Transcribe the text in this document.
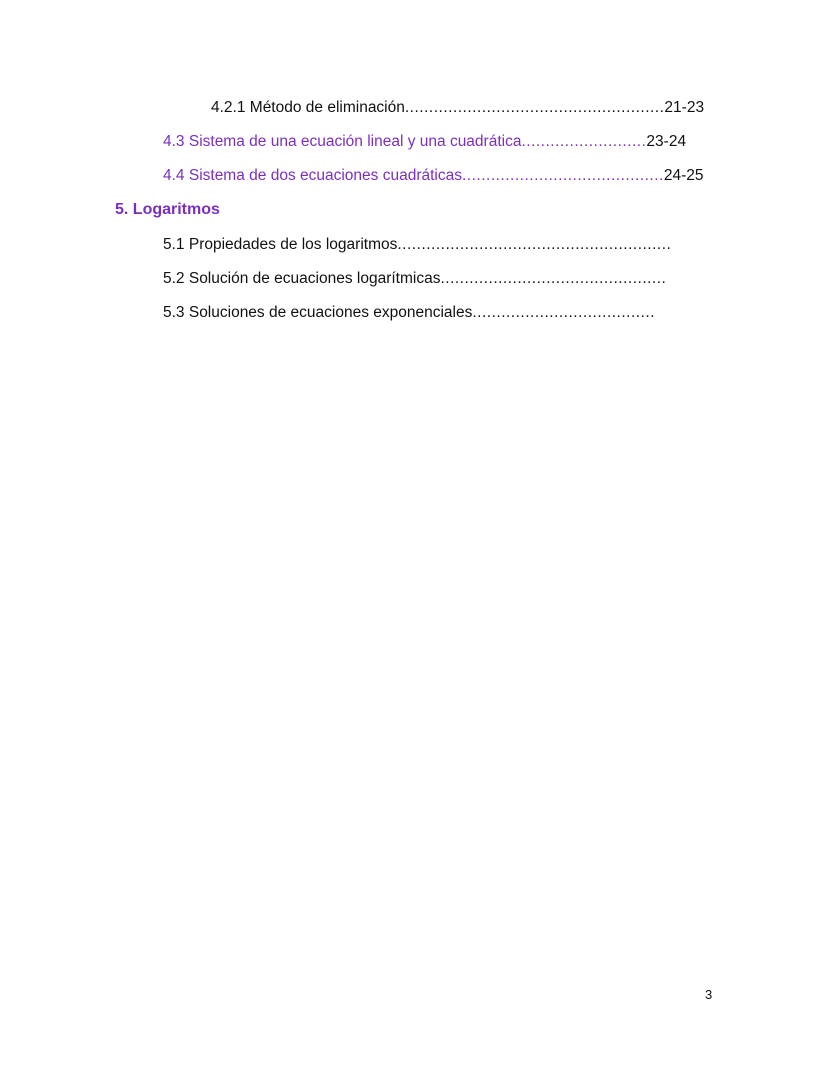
4.2.1 Método de eliminación......................................................21-23
4.3 Sistema de una ecuación lineal y una cuadrática..........................23-24
4.4 Sistema de dos ecuaciones cuadráticas..........................................24-25
5. Logaritmos
5.1 Propiedades de los logaritmos.........................................................
5.2 Solución de ecuaciones logarítmicas...............................................
5.3 Soluciones de ecuaciones exponenciales......................................
3
